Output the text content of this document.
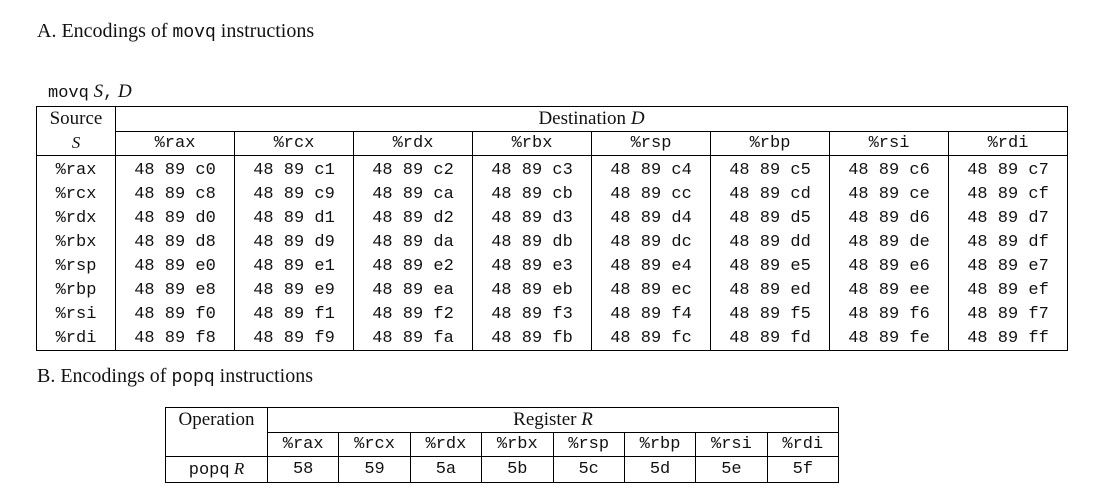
A. Encodings of movq instructions
movq S, D
Source	Destination D							
S	%rax	%rcx	%rdx	%rbx	%rsp	%rbp	%rsi	%rdi
%rax	48 89 c0	48 89 c1	48 89 c2	48 89 c3	48 89 c4	48 89 c5	48 89 c6	48 89 c7
%rcx	48 89 c8	48 89 c9	48 89 ca	48 89 cb	48 89 cc	48 89 cd	48 89 ce	48 89 cf
%rdx	48 89 d0	48 89 d1	48 89 d2	48 89 d3	48 89 d4	48 89 d5	48 89 d6	48 89 d7
%rbx	48 89 d8	48 89 d9	48 89 da	48 89 db	48 89 dc	48 89 dd	48 89 de	48 89 df
%rsp	48 89 e0	48 89 e1	48 89 e2	48 89 e3	48 89 e4	48 89 e5	48 89 e6	48 89 e7
%rbp	48 89 e8	48 89 e9	48 89 ea	48 89 eb	48 89 ec	48 89 ed	48 89 ee	48 89 ef
%rsi	48 89 f0	48 89 f1	48 89 f2	48 89 f3	48 89 f4	48 89 f5	48 89 f6	48 89 f7
%rdi	48 89 f8	48 89 f9	48 89 fa	48 89 fb	48 89 fc	48 89 fd	48 89 fe	48 89 ff
B. Encodings of popq instructions
Operation	Register R							
	%rax	%rcx	%rdx	%rbx	%rsp	%rbp	%rsi	%rdi
popq R	58	59	5a	5b	5c	5d	5e	5f
